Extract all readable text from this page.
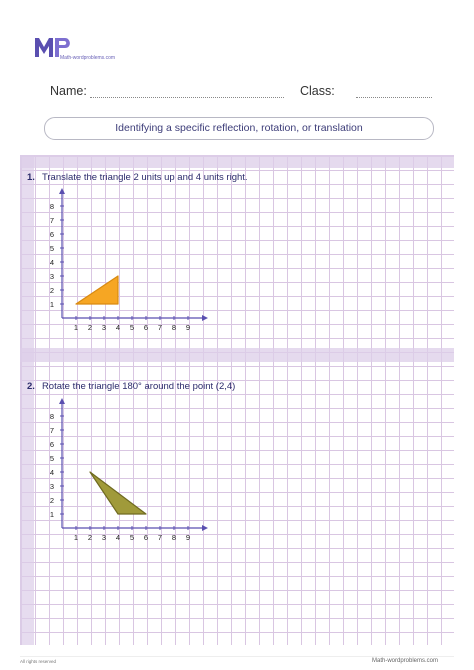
Math-wordproblems.com
Name:	Class:
Identifying a specific reflection, rotation, or translation
1. Translate the triangle 2 units up and 4 units right.
1 2 3 4 5 6 7 8 9
1
2
3
4
5
6
7
8
2. Rotate the triangle 180° around the point (2,4)
1 2 3 4 5 6 7 8 9
1
2
3
4
5
6
7
8
All rights reserved	Math-wordproblems.com
